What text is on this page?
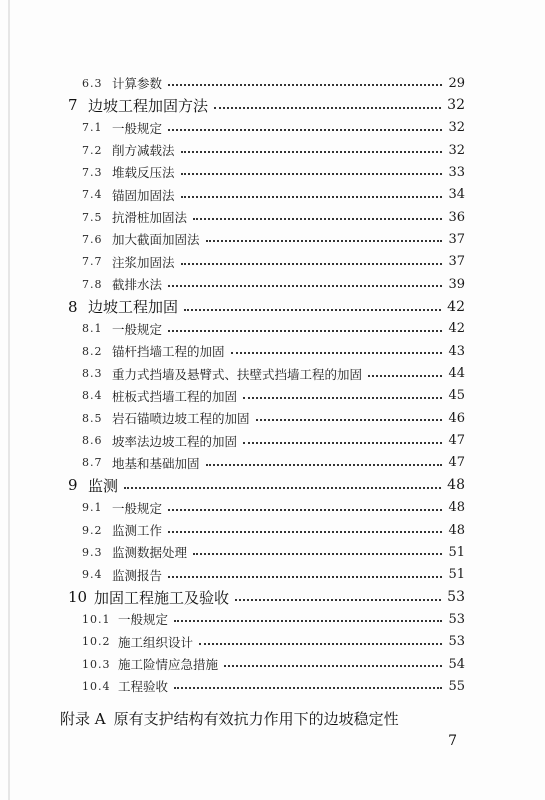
6.3 计算参数	29
7 边坡工程加固方法	32
7.1 一般规定	32
7.2 削方减载法	32
7.3 堆载反压法	33
7.4 锚固加固法	34
7.5 抗滑桩加固法	36
7.6 加大截面加固法	37
7.7 注浆加固法	37
7.8 截排水法	39
8 边坡工程加固	42
8.1 一般规定	42
8.2 锚杆挡墙工程的加固	43
8.3 重力式挡墙及悬臂式、扶壁式挡墙工程的加固	44
8.4 桩板式挡墙工程的加固	45
8.5 岩石锚喷边坡工程的加固	46
8.6 坡率法边坡工程的加固	47
8.7 地基和基础加固	47
9 监测	48
9.1 一般规定	48
9.2 监测工作	48
9.3 监测数据处理	51
9.4 监测报告	51
10 加固工程施工及验收	53
10.1 一般规定	53
10.2 施工组织设计	53
10.3 施工险情应急措施	54
10.4 工程验收	55
附录 A 原有支护结构有效抗力作用下的边坡稳定性
7
